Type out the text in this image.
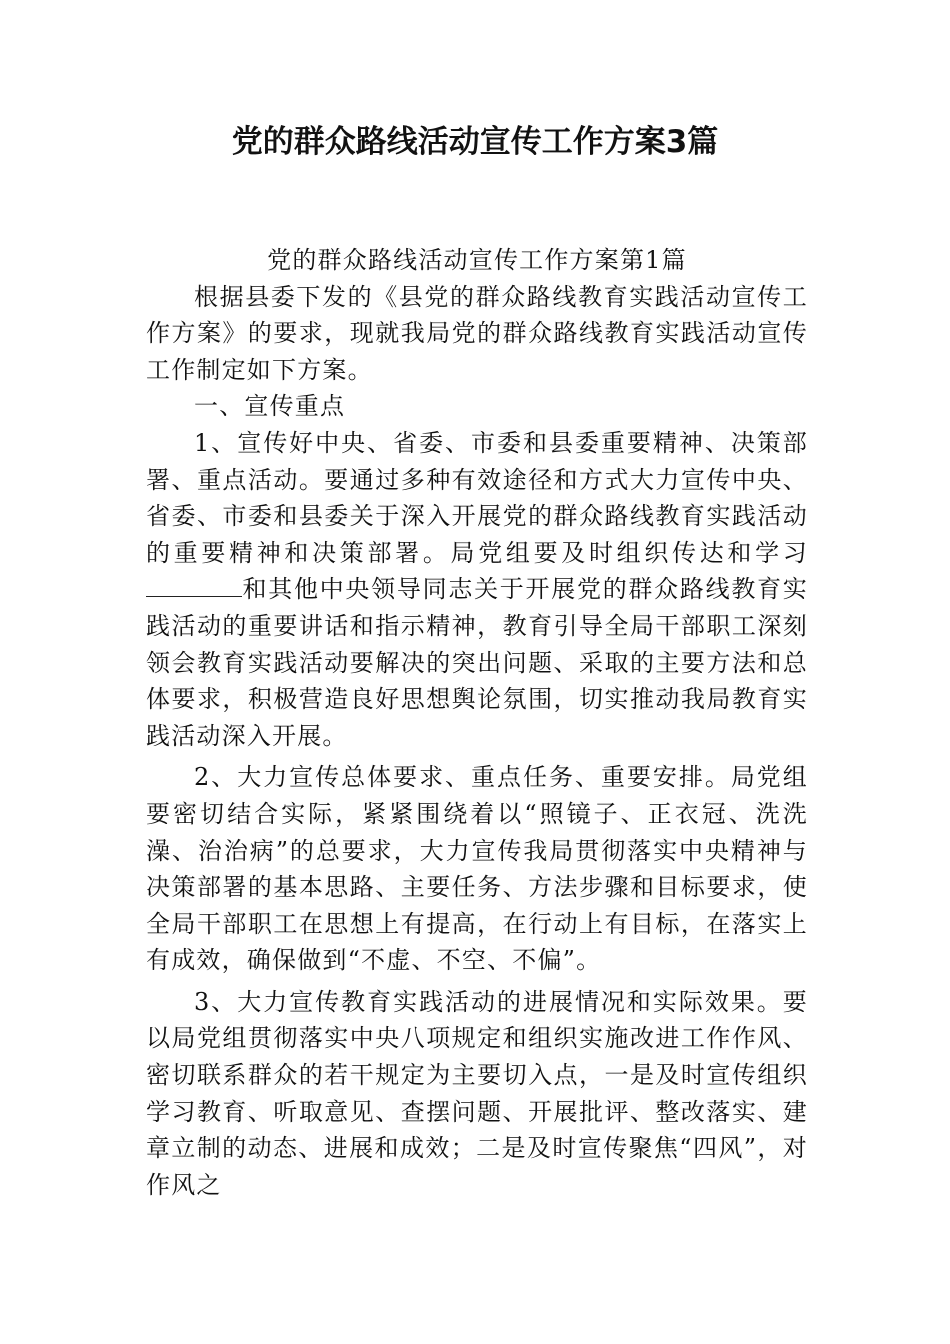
党的群众路线活动宣传工作方案3篇

党的群众路线活动宣传工作方案第1篇

根据县委下发的《县党的群众路线教育实践活动宣传工作方案》的要求，现就我局党的群众路线教育实践活动宣传工作制定如下方案。

一、宣传重点

1、宣传好中央、省委、市委和县委重要精神、决策部署、重点活动。要通过多种有效途径和方式大力宣传中央、省委、市委和县委关于深入开展党的群众路线教育实践活动的重要精神和决策部署。局党组要及时组织传达和学习和其他中央领导同志关于开展党的群众路线教育实践活动的重要讲话和指示精神，教育引导全局干部职工深刻领会教育实践活动要解决的突出问题、采取的主要方法和总体要求，积极营造良好思想舆论氛围，切实推动我局教育实践活动深入开展。

2、大力宣传总体要求、重点任务、重要安排。局党组要密切结合实际，紧紧围绕着以“照镜子、正衣冠、洗洗澡、治治病”的总要求，大力宣传我局贯彻落实中央精神与决策部署的基本思路、主要任务、方法步骤和目标要求，使全局干部职工在思想上有提高，在行动上有目标，在落实上有成效，确保做到“不虚、不空、不偏”。

3、大力宣传教育实践活动的进展情况和实际效果。要以局党组贯彻落实中央八项规定和组织实施改进工作作风、密切联系群众的若干规定为主要切入点，一是及时宣传组织学习教育、听取意见、查摆问题、开展批评、整改落实、建章立制的动态、进展和成效；二是及时宣传聚焦“四风”，对作风之
